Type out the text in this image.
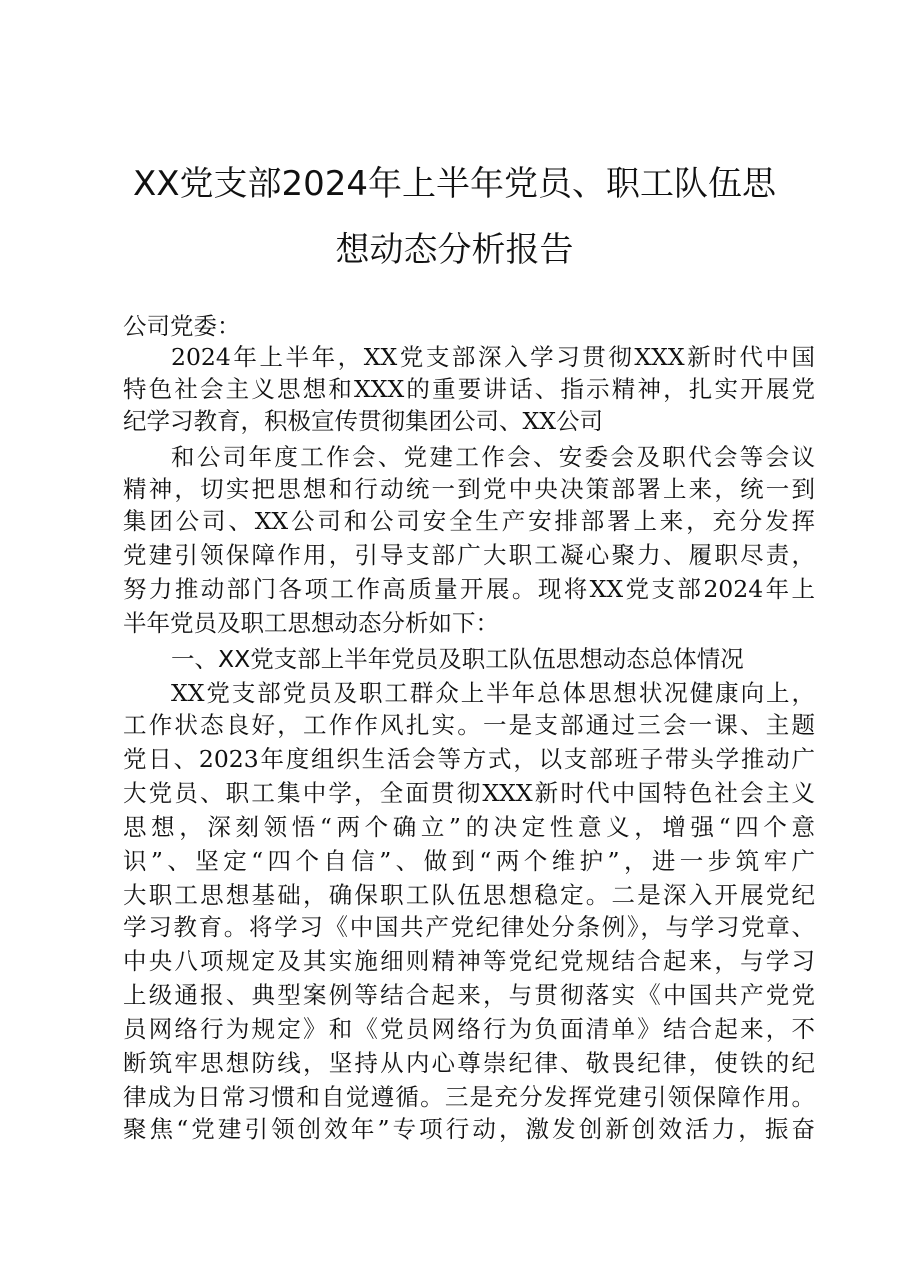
XX党支部2024年上半年党员、职工队伍思
想动态分析报告
公司党委：
2024年上半年，XX党支部深入学习贯彻XXX新时代中国
特色社会主义思想和XXX的重要讲话、指示精神，扎实开展党
纪学习教育，积极宣传贯彻集团公司、XX公司
和公司年度工作会、党建工作会、安委会及职代会等会议
精神，切实把思想和行动统一到党中央决策部署上来，统一到
集团公司、XX公司和公司安全生产安排部署上来，充分发挥
党建引领保障作用，引导支部广大职工凝心聚力、履职尽责，
努力推动部门各项工作高质量开展。现将XX党支部2024年上
半年党员及职工思想动态分析如下：
一、XX党支部上半年党员及职工队伍思想动态总体情况
XX党支部党员及职工群众上半年总体思想状况健康向上，
工作状态良好，工作作风扎实。一是支部通过三会一课、主题
党日、2023年度组织生活会等方式，以支部班子带头学推动广
大党员、职工集中学，全面贯彻XXX新时代中国特色社会主义
思想，深刻领悟“两个确立”的决定性意义，增强“四个意
识”、坚定“四个自信”、做到“两个维护”，进一步筑牢广
大职工思想基础，确保职工队伍思想稳定。二是深入开展党纪
学习教育。将学习《中国共产党纪律处分条例》，与学习党章、
中央八项规定及其实施细则精神等党纪党规结合起来，与学习
上级通报、典型案例等结合起来，与贯彻落实《中国共产党党
员网络行为规定》和《党员网络行为负面清单》结合起来，不
断筑牢思想防线，坚持从内心尊崇纪律、敬畏纪律，使铁的纪
律成为日常习惯和自觉遵循。三是充分发挥党建引领保障作用。
聚焦“党建引领创效年”专项行动，激发创新创效活力，振奋
